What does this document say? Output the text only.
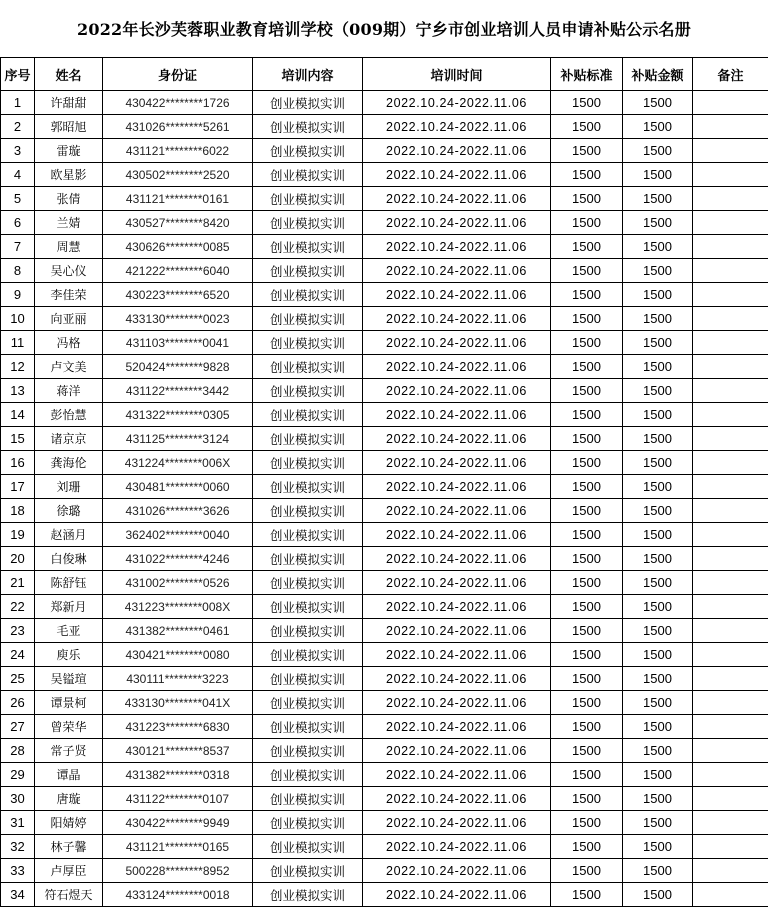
2022年长沙芙蓉职业教育培训学校（009期）宁乡市创业培训人员申请补贴公示名册
序号	姓名	身份证	培训内容	培训时间	补贴标准	补贴金额	备注
1	许甜甜	430422********1726	创业模拟实训	2022.10.24-2022.11.06	1500	1500	
2	郭昭旭	431026********5261	创业模拟实训	2022.10.24-2022.11.06	1500	1500	
3	雷璇	431121********6022	创业模拟实训	2022.10.24-2022.11.06	1500	1500	
4	欧星影	430502********2520	创业模拟实训	2022.10.24-2022.11.06	1500	1500	
5	张倩	431121********0161	创业模拟实训	2022.10.24-2022.11.06	1500	1500	
6	兰婧	430527********8420	创业模拟实训	2022.10.24-2022.11.06	1500	1500	
7	周慧	430626********0085	创业模拟实训	2022.10.24-2022.11.06	1500	1500	
8	吴心仪	421222********6040	创业模拟实训	2022.10.24-2022.11.06	1500	1500	
9	李佳荣	430223********6520	创业模拟实训	2022.10.24-2022.11.06	1500	1500	
10	向亚丽	433130********0023	创业模拟实训	2022.10.24-2022.11.06	1500	1500	
11	冯格	431103********0041	创业模拟实训	2022.10.24-2022.11.06	1500	1500	
12	卢文美	520424********9828	创业模拟实训	2022.10.24-2022.11.06	1500	1500	
13	蒋洋	431122********3442	创业模拟实训	2022.10.24-2022.11.06	1500	1500	
14	彭怡慧	431322********0305	创业模拟实训	2022.10.24-2022.11.06	1500	1500	
15	诸京京	431125********3124	创业模拟实训	2022.10.24-2022.11.06	1500	1500	
16	龚海伦	431224********006X	创业模拟实训	2022.10.24-2022.11.06	1500	1500	
17	刘珊	430481********0060	创业模拟实训	2022.10.24-2022.11.06	1500	1500	
18	徐璐	431026********3626	创业模拟实训	2022.10.24-2022.11.06	1500	1500	
19	赵涵月	362402********0040	创业模拟实训	2022.10.24-2022.11.06	1500	1500	
20	白俊琳	431022********4246	创业模拟实训	2022.10.24-2022.11.06	1500	1500	
21	陈舒钰	431002********0526	创业模拟实训	2022.10.24-2022.11.06	1500	1500	
22	郑新月	431223********008X	创业模拟实训	2022.10.24-2022.11.06	1500	1500	
23	毛亚	431382********0461	创业模拟实训	2022.10.24-2022.11.06	1500	1500	
24	庾乐	430421********0080	创业模拟实训	2022.10.24-2022.11.06	1500	1500	
25	吴镒瑄	430111********3223	创业模拟实训	2022.10.24-2022.11.06	1500	1500	
26	谭景柯	433130********041X	创业模拟实训	2022.10.24-2022.11.06	1500	1500	
27	曾荣华	431223********6830	创业模拟实训	2022.10.24-2022.11.06	1500	1500	
28	常子贤	430121********8537	创业模拟实训	2022.10.24-2022.11.06	1500	1500	
29	谭晶	431382********0318	创业模拟实训	2022.10.24-2022.11.06	1500	1500	
30	唐璇	431122********0107	创业模拟实训	2022.10.24-2022.11.06	1500	1500	
31	阳婧婷	430422********9949	创业模拟实训	2022.10.24-2022.11.06	1500	1500	
32	林子馨	431121********0165	创业模拟实训	2022.10.24-2022.11.06	1500	1500	
33	卢厚臣	500228********8952	创业模拟实训	2022.10.24-2022.11.06	1500	1500	
34	符石煜天	433124********0018	创业模拟实训	2022.10.24-2022.11.06	1500	1500	
